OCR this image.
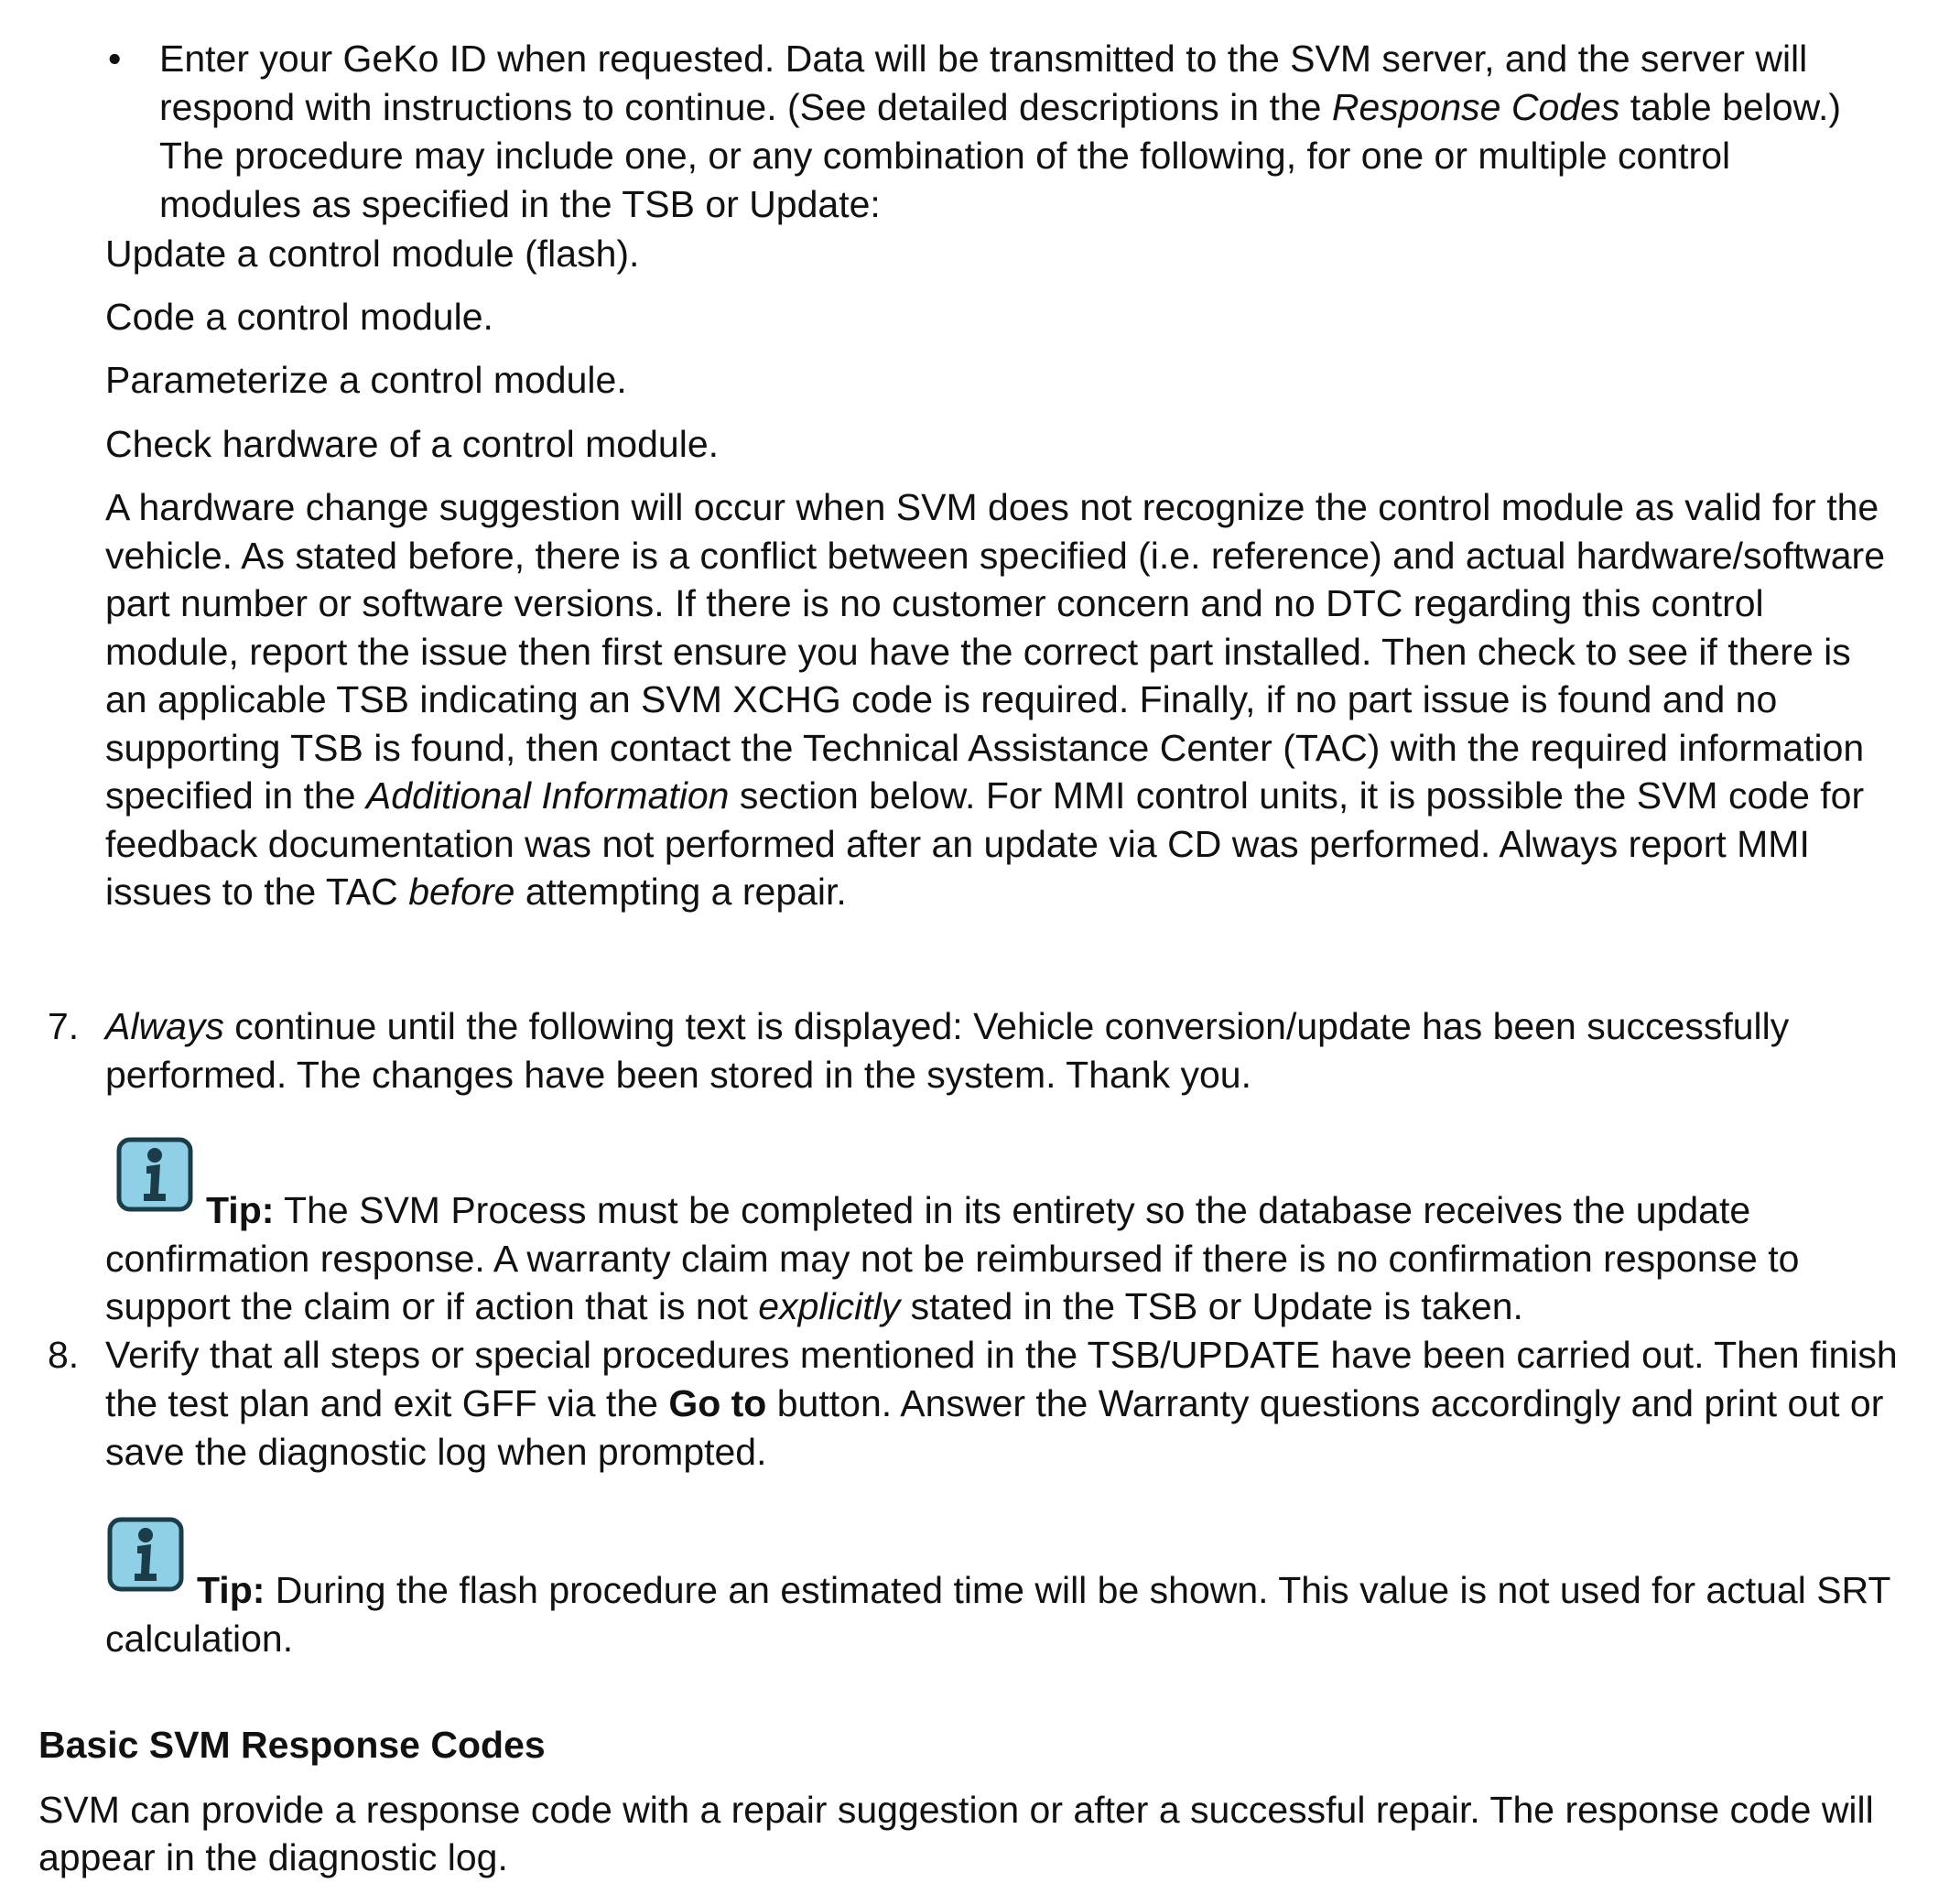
•	Enter your GeKo ID when requested. Data will be transmitted to the SVM server, and the server will respond with instructions to continue. (See detailed descriptions in the Response Codes table below.) The procedure may include one, or any combination of the following, for one or multiple control modules as specified in the TSB or Update:
Update a control module (flash).
Code a control module.
Parameterize a control module.
Check hardware of a control module.
A hardware change suggestion will occur when SVM does not recognize the control module as valid for the vehicle. As stated before, there is a conflict between specified (i.e. reference) and actual hardware/software part number or software versions. If there is no customer concern and no DTC regarding this control module, report the issue then first ensure you have the correct part installed. Then check to see if there is an applicable TSB indicating an SVM XCHG code is required. Finally, if no part issue is found and no supporting TSB is found, then contact the Technical Assistance Center (TAC) with the required information specified in the Additional Information section below. For MMI control units, it is possible the SVM code for feedback documentation was not performed after an update via CD was performed. Always report MMI issues to the TAC before attempting a repair.
7. Always continue until the following text is displayed: Vehicle conversion/update has been successfully performed. The changes have been stored in the system. Thank you.
Tip: The SVM Process must be completed in its entirety so the database receives the update confirmation response. A warranty claim may not be reimbursed if there is no confirmation response to support the claim or if action that is not explicitly stated in the TSB or Update is taken.
8. Verify that all steps or special procedures mentioned in the TSB/UPDATE have been carried out. Then finish the test plan and exit GFF via the Go to button. Answer the Warranty questions accordingly and print out or save the diagnostic log when prompted.
Tip: During the flash procedure an estimated time will be shown. This value is not used for actual SRT calculation.
Basic SVM Response Codes
SVM can provide a response code with a repair suggestion or after a successful repair. The response code will appear in the diagnostic log.
